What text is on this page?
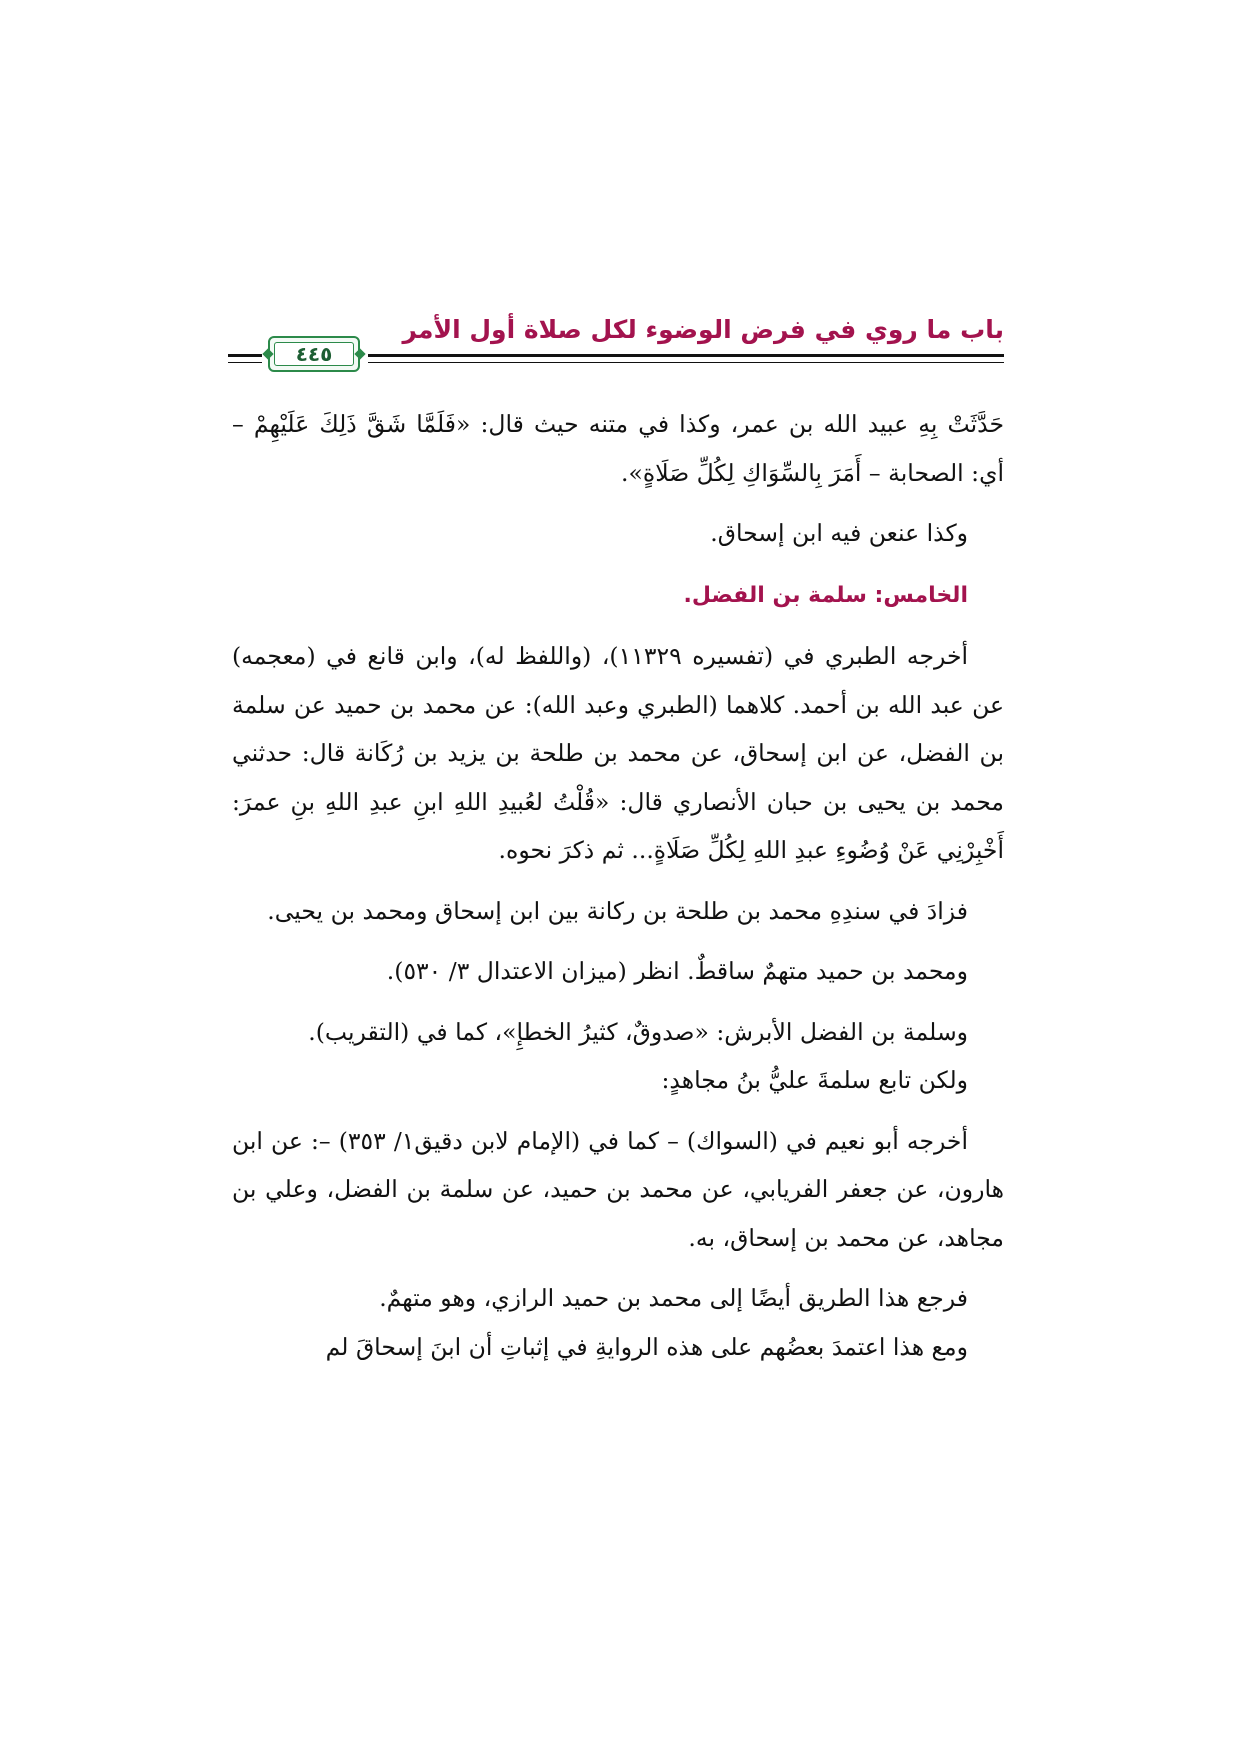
باب ما روي في فرض الوضوء لكل صلاة أول الأمر
٤٤٥

حَدَّثَتْ بِهِ عبيد الله بن عمر، وكذا في متنه حيث قال: «فَلَمَّا شَقَّ ذَلِكَ عَلَيْهِمْ – أي: الصحابة – أَمَرَ بِالسِّوَاكِ لِكُلِّ صَلَاةٍ».

وكذا عنعن فيه ابن إسحاق.

الخامس: سلمة بن الفضل.

أخرجه الطبري في (تفسيره ١١٣٢٩)، (واللفظ له)، وابن قانع في (معجمه) عن عبد الله بن أحمد. كلاهما (الطبري وعبد الله): عن محمد بن حميد عن سلمة بن الفضل، عن ابن إسحاق، عن محمد بن طلحة بن يزيد بن رُكَانة قال: حدثني محمد بن يحيى بن حبان الأنصاري قال: «قُلْتُ لعُبيدِ اللهِ ابنِ عبدِ اللهِ بنِ عمرَ: أَخْبِرْنِي عَنْ وُضُوءِ عبدِ اللهِ لِكُلِّ صَلَاةٍ... ثم ذكرَ نحوه.

فزادَ في سندِهِ محمد بن طلحة بن ركانة بين ابن إسحاق ومحمد بن يحيى.

ومحمد بن حميد متهمٌ ساقطٌ. انظر (ميزان الاعتدال ٣/ ٥٣٠).

وسلمة بن الفضل الأبرش: «صدوقٌ، كثيرُ الخطإِ»، كما في (التقريب).

ولكن تابع سلمةَ عليُّ بنُ مجاهدٍ:

أخرجه أبو نعيم في (السواك) – كما في (الإمام لابن دقيق١/ ٣٥٣) –: عن ابن هارون، عن جعفر الفريابي، عن محمد بن حميد، عن سلمة بن الفضل، وعلي بن مجاهد، عن محمد بن إسحاق، به.

فرجع هذا الطريق أيضًا إلى محمد بن حميد الرازي، وهو متهمٌ.

ومع هذا اعتمدَ بعضُهم على هذه الروايةِ في إثباتِ أن ابنَ إسحاقَ لم
